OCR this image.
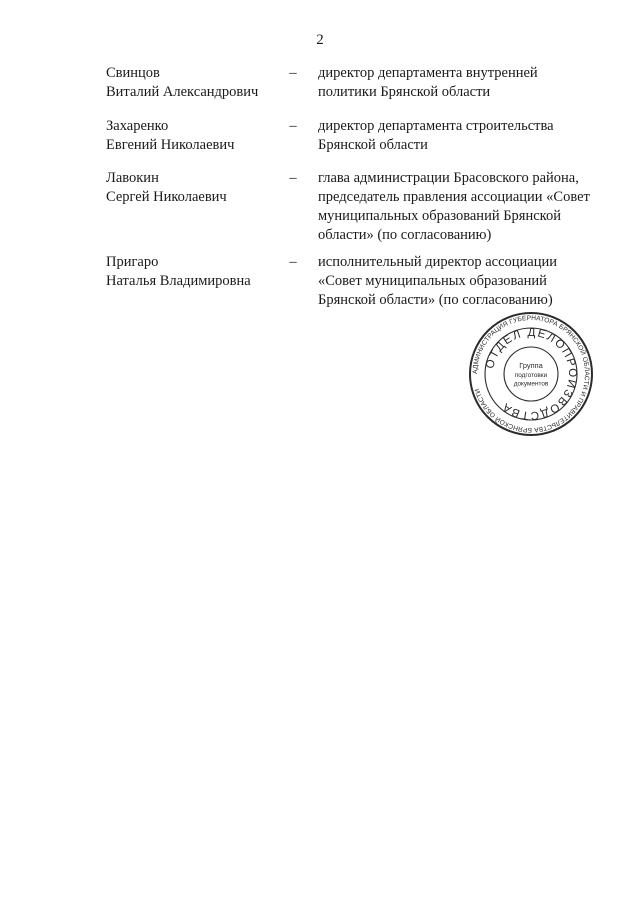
2
Свинцов
Виталий Александрович
– директор департамента внутренней
политики Брянской области
Захаренко
Евгений Николаевич
– директор департамента строительства
Брянской области
Лавокин
Сергей Николаевич
– глава администрации Брасовского района,
председатель правления ассоциации «Совет
муниципальных образований Брянской
области» (по согласованию)
Пригаро
Наталья Владимировна
– исполнительный директор ассоциации
«Совет муниципальных образований
Брянской области» (по согласованию)
АДМИНИСТРАЦИЯ ГУБЕРНАТОРА БРЯНСКОЙ ОБЛАСТИ И ПРАВИТЕЛЬСТВА БРЯНСКОЙ ОБЛАСТИ
ОТДЕЛ ДЕЛОПРОИЗВОДСТВА
Группа
подготовки
документов
